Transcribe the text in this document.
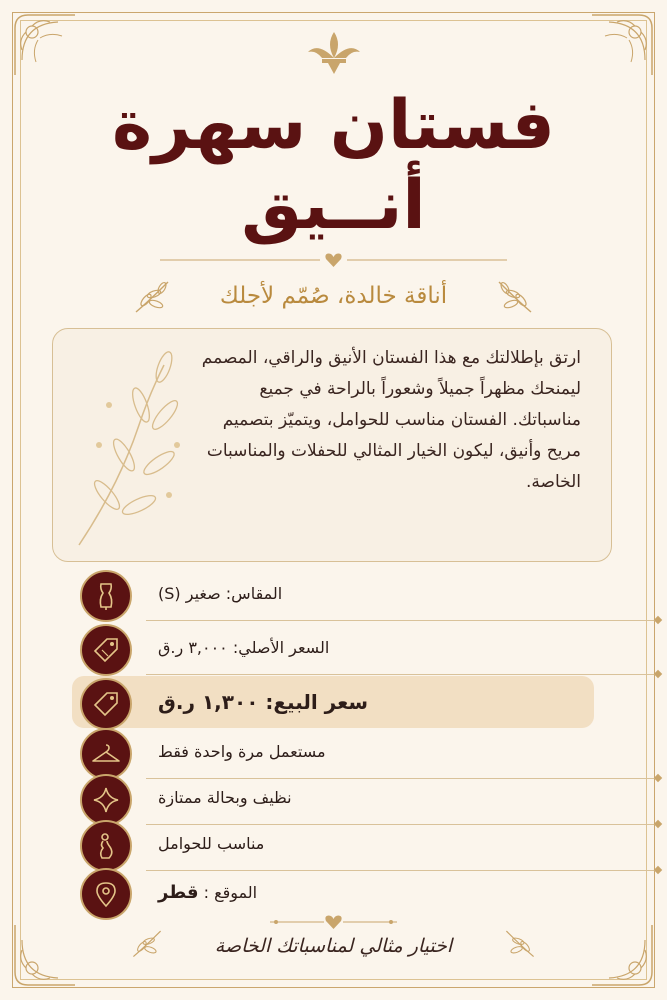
فستان سهرة
أنــيق
أناقة خالدة، صُمّم لأجلك
ارتق بإطلالتك مع هذا الفستان الأنيق والراقي، المصمم ليمنحك مظهراً جميلاً وشعوراً بالراحة في جميع مناسباتك. الفستان مناسب للحوامل، ويتميّز بتصميم مريح وأنيق، ليكون الخيار المثالي للحفلات والمناسبات الخاصة.
المقاس: صغير (S)
السعر الأصلي: ٣,٠٠٠ ر.ق
سعر البيع: ١,٣٠٠ ر.ق
مستعمل مرة واحدة فقط
نظيف وبحالة ممتازة
مناسب للحوامل
الموقع : قطر
اختيار مثالي لمناسباتك الخاصة
